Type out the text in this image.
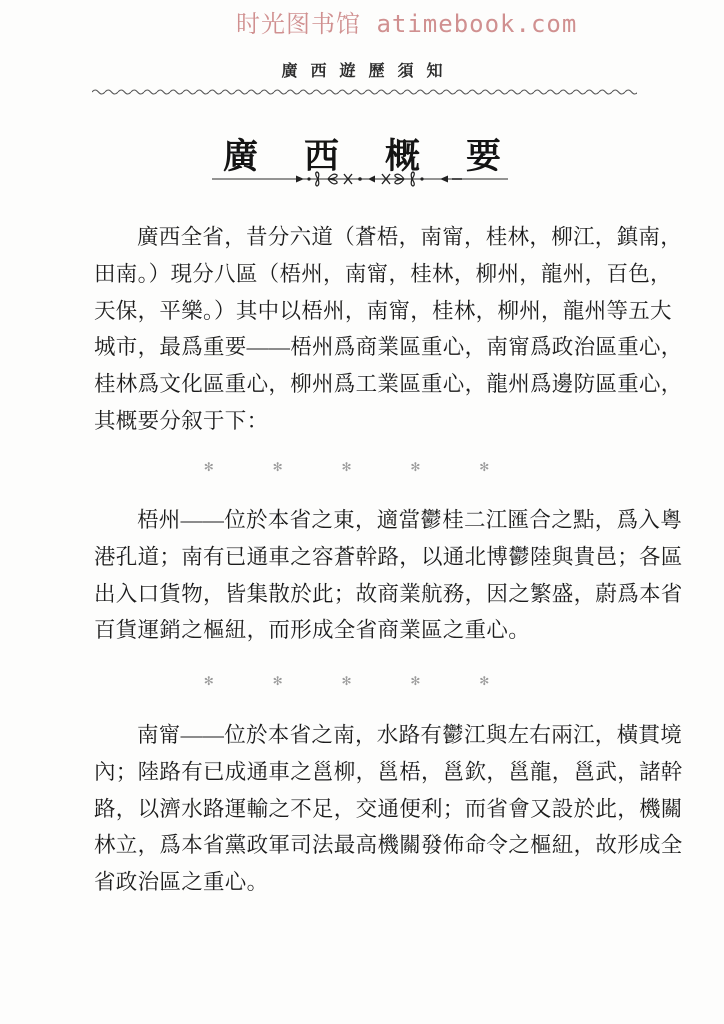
时光图书馆 atimebook.com
廣西遊歷須知
廣西概要
廣西全省，昔分六道（蒼梧，南甯，桂林，柳江，鎮南，
田南。）現分八區（梧州，南甯，桂林，柳州，龍州，百色，
天保，平樂。）其中以梧州，南甯，桂林，柳州，龍州等五大
城市，最爲重要——梧州爲商業區重心，南甯爲政治區重心，
桂林爲文化區重心，柳州爲工業區重心，龍州爲邊防區重心，
其概要分叙于下：
✻ ✻ ✻ ✻ ✻
梧州——位於本省之東，適當鬱桂二江匯合之點，爲入粵
港孔道；南有已通車之容蒼幹路，以通北博鬱陸與貴邑；各區
出入口貨物，皆集散於此；故商業航務，因之繁盛，蔚爲本省
百貨運銷之樞紐，而形成全省商業區之重心。
✻ ✻ ✻ ✻ ✻
南甯——位於本省之南，水路有鬱江與左右兩江，橫貫境
內；陸路有已成通車之邕柳，邕梧，邕欽，邕龍，邕武，諸幹
路，以濟水路運輸之不足，交通便利；而省會又設於此，機關
林立，爲本省黨政軍司法最高機關發佈命令之樞紐，故形成全
省政治區之重心。
